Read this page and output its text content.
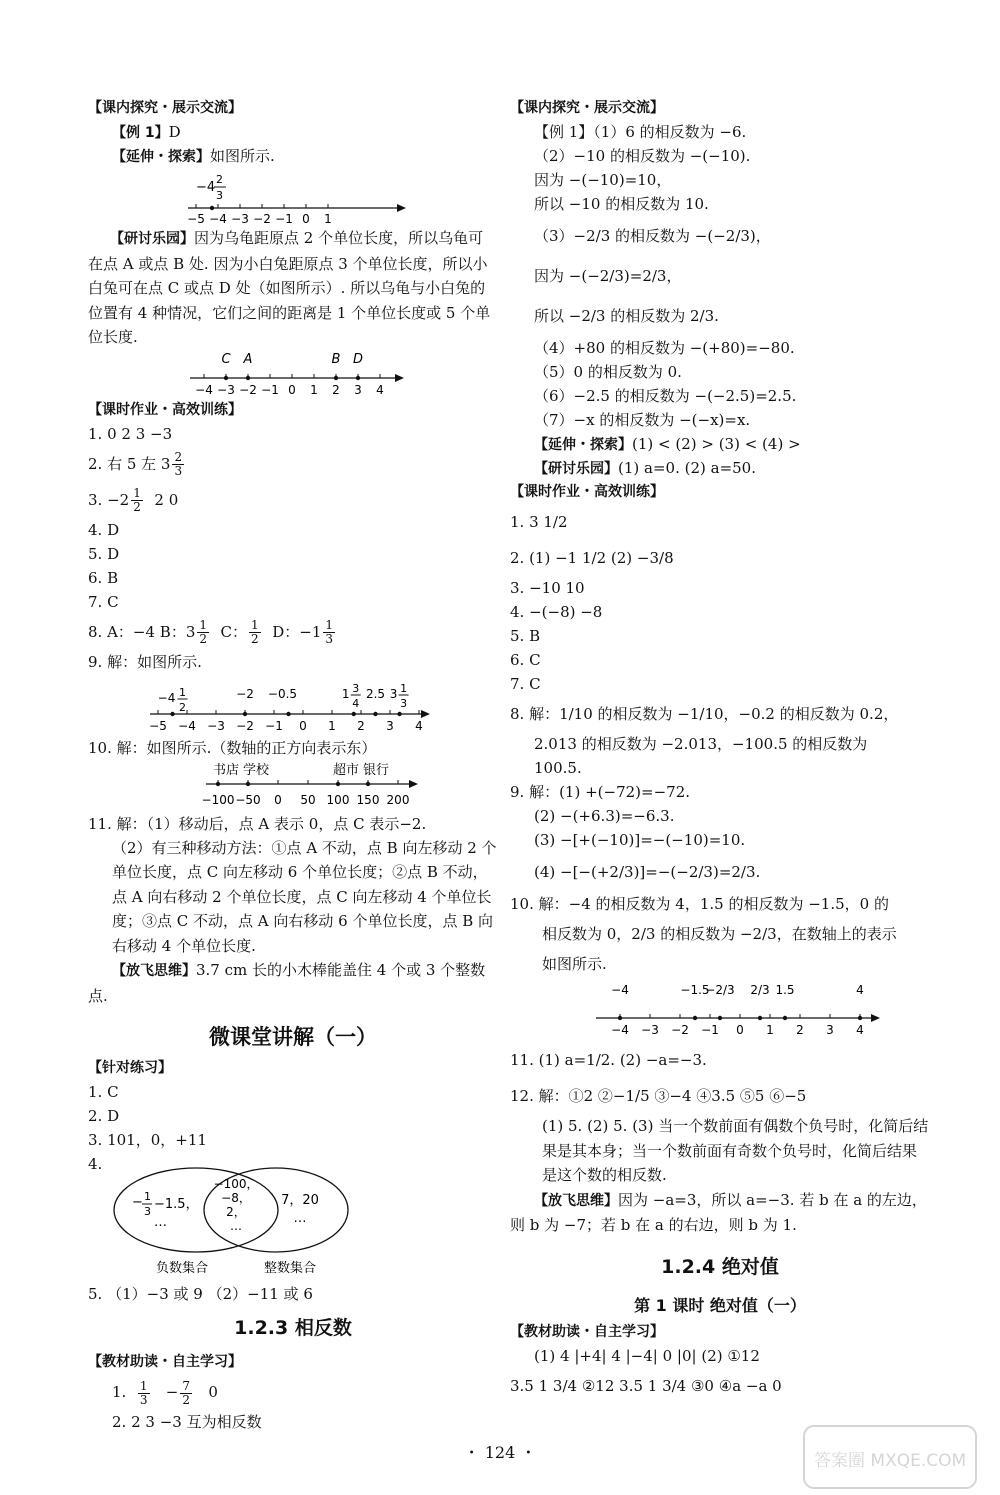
【课内探究・展示交流】
【例 1】D
【延伸・探索】如图所示.
−4
2
3
−5 −4 −3 −2 −1 0 1
【研讨乐园】因为乌龟距原点 2 个单位长度，所以乌龟可在点 A 或点 B 处. 因为小白兔距原点 3 个单位长度，所以小白兔可在点 C 或点 D 处（如图所示）. 所以乌龟与小白兔的位置有 4 种情况，它们之间的距离是 1 个单位长度或 5 个单位长度.
C A	B D
−4 −3 −2 −1 0 1 2 3 4
【课时作业・高效训练】
1. 0 2 3 −3
2. 右 5 左 $3 \frac{2}{3}$
3. $-2 \frac{1}{2} 2$ 0
4. D
5. D
6. B
7. C
8. A：−4 B：$3 \frac{1}{2}$ C： $\frac{1}{2}$ D：$-1 \frac{1}{3}$
9. 解：如图所示.
−4 1
2
−2 −0.5	1 3
4
2.5 3 1
3
−5 −4 −3 −2 −1 0 1 2 3 4
10. 解：如图所示.（数轴的正方向表示东）
书店 学校	超市 银行
−100 −50 0 50 100 150 200
11. 解：（1）移动后，点 A 表示 0，点 C 表示−2.
（2）有三种移动方法：①点 A 不动，点 B 向左移动 2 个单位长度，点 C 向左移动 6 个单位长度；②点 B 不动，点 A 向右移动 2 个单位长度，点 C 向左移动 4 个单位长度；③点 C 不动，点 A 向右移动 6 个单位长度，点 B 向右移动 4 个单位长度.
【放飞思维】3.7 cm 长的小木棒能盖住 4 个或 3 个整数点.
微课堂讲解（一）
【针对练习】
1. C
2. D
3. 101，0，+11
4.
− 1
3 −1.5，
…
−100，
−8，
2，
…
7，20
…
负数集合	整数集合
5. （1）−3 或 9 （2）−11 或 6
1.2.3 相反数
【教材助读・自主学习】
1. $\frac{1}{3} - \frac{7}{2} 0$
2. 2 3 −3 互为相反数
【课内探究・展示交流】
【例 1】（1）6 的相反数为 −6.
（2）−10 的相反数为 −(−10).
因为 −(−10)=10，
所以 −10 的相反数为 10.
（3）−2/3 的相反数为 −(−2/3)，
因为 −(−2/3)=2/3，
所以 −2/3 的相反数为 2/3.
（4）+80 的相反数为 −(+80)=−80.
（5）0 的相反数为 0.
（6）−2.5 的相反数为 −(−2.5)=2.5.
（7）−x 的相反数为 −(−x)=x.
【延伸・探索】(1) < (2) > (3) < (4) >
【研讨乐园】(1) a=0. (2) a=50.
【课时作业・高效训练】
1. 3 1/2
2. (1) −1 1/2 (2) −3/8
3. −10 10
4. −(−8) −8
5. B
6. C
7. C
8. 解：1/10 的相反数为 −1/10，−0.2 的相反数为 0.2，
2.013 的相反数为 −2.013，−100.5 的相反数为
100.5.
9. 解：(1) +(−72)=−72.
(2) −(+6.3)=−6.3.
(3) −[+(−10)]=−(−10)=10.
(4) −[−(+2/3)]=−(−2/3)=2/3.
10. 解：−4 的相反数为 4，1.5 的相反数为 −1.5，0 的
相反数为 0，2/3 的相反数为 −2/3，在数轴上的表示
如图所示.
−4	−1.5
−2/3 2/3 1.5	4
−4 −3 −2 −1 0 1 2 3 4
11. (1) a=1/2. (2) −a=−3.
12. 解：①2 ②−1/5 ③−4 ④3.5 ⑤5 ⑥−5
(1) 5. (2) 5. (3) 当一个数前面有偶数个负号时，化简后结果是其本身；当一个数前面有奇数个负号时，化简后结果是这个数的相反数.
【放飞思维】因为 −a=3，所以 a=−3. 若 b 在 a 的左边，则 b 为 −7；若 b 在 a 的右边，则 b 为 1.
1.2.4 绝对值
第 1 课时 绝对值（一）
【教材助读・自主学习】
(1) 4 |+4| 4 |−4| 0 |0| (2) ①12
3.5 1 3/4 ②12 3.5 1 3/4 ③0 ④a −a 0
・ 124 ・	答案圈 MXQE.COM
